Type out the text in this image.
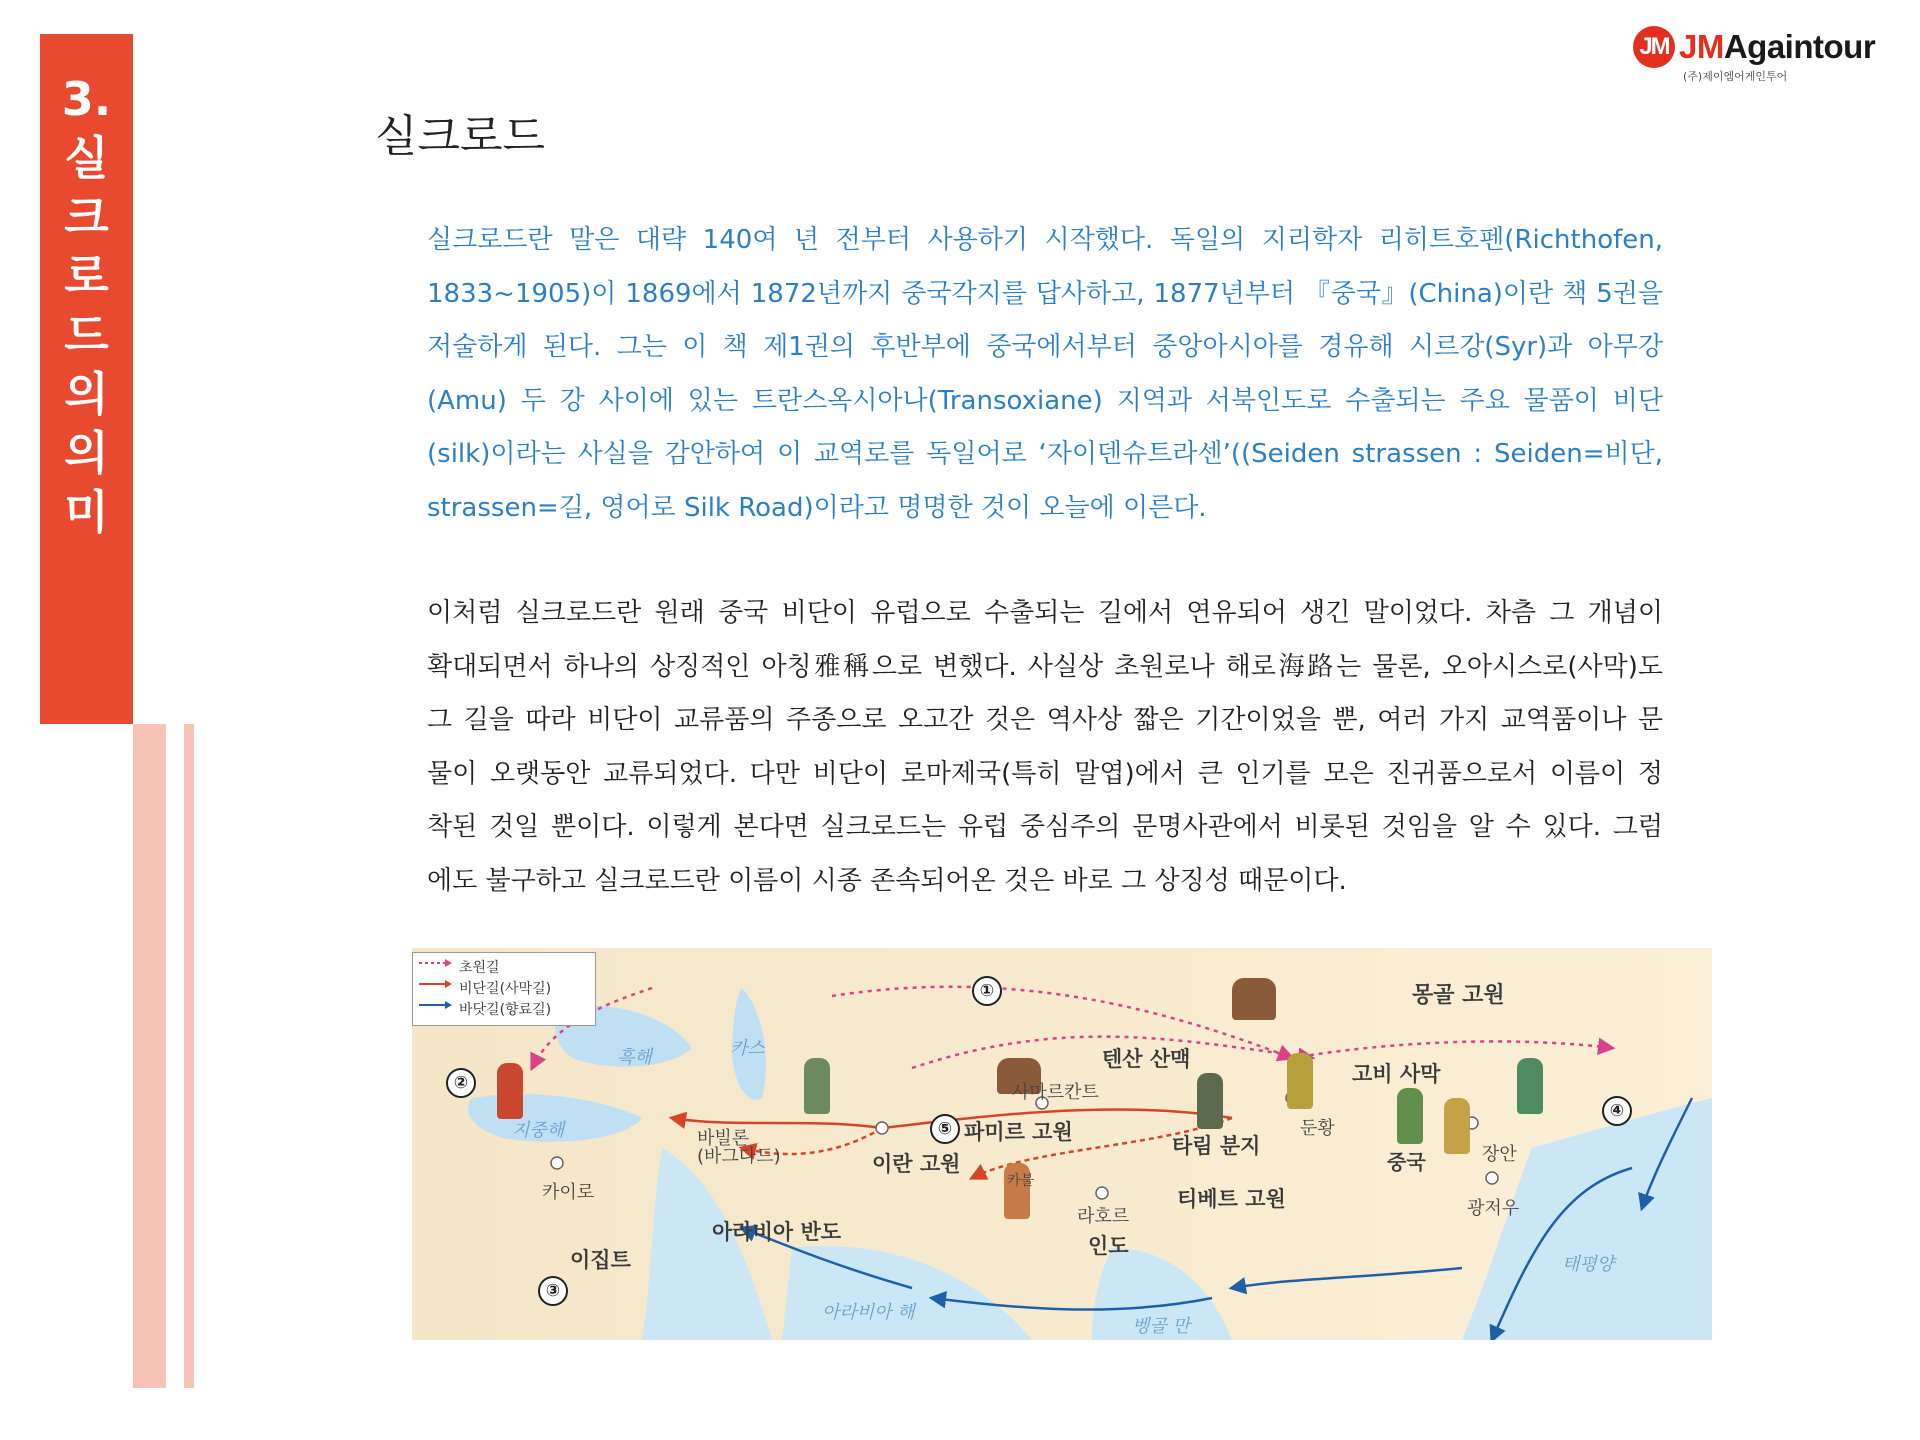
3.
실
크
로
드
의
의
미
JM JMAgaintour
(주)제이엠어게인투어
실크로드
실크로드란 말은 대략 140여 년 전부터 사용하기 시작했다. 독일의 지리학자 리히트호펜(Richthofen,
1833~1905)이 1869에서 1872년까지 중국각지를 답사하고, 1877년부터 『중국』(China)이란 책 5권을
저술하게 된다. 그는 이 책 제1권의 후반부에 중국에서부터 중앙아시아를 경유해 시르강(Syr)과 아무강
(Amu) 두 강 사이에 있는 트란스옥시아나(Transoxiane) 지역과 서북인도로 수출되는 주요 물품이 비단
(silk)이라는 사실을 감안하여 이 교역로를 독일어로 ‘자이덴슈트라센’((Seiden strassen : Seiden=비단,
strassen=길, 영어로 Silk Road)이라고 명명한 것이 오늘에 이른다.
이처럼 실크로드란 원래 중국 비단이 유럽으로 수출되는 길에서 연유되어 생긴 말이었다. 차츰 그 개념이
확대되면서 하나의 상징적인 아칭雅稱으로 변했다. 사실상 초원로나 해로海路는 물론, 오아시스로(사막)도
그 길을 따라 비단이 교류품의 주종으로 오고간 것은 역사상 짧은 기간이었을 뿐, 여러 가지 교역품이나 문
물이 오랫동안 교류되었다. 다만 비단이 로마제국(특히 말엽)에서 큰 인기를 모은 진귀품으로서 이름이 정
착된 것일 뿐이다. 이렇게 본다면 실크로드는 유럽 중심주의 문명사관에서 비롯된 것임을 알 수 있다. 그럼
에도 불구하고 실크로드란 이름이 시종 존속되어온 것은 바로 그 상징성 때문이다.
①
②
③
④
⑤
몽골 고원
텐산 산맥
고비 사막
사마르칸트
파미르 고원
타림 분지
둔황
중국	장안
바빌론
(바그다드)	이란 고원
티베트 고원
카이로
아라비아 반도
이집트
라호르
인도
광저우
카불
흑해	카스
지중해
아라비아 해
벵골 만
태평양
초원길
비단길(사막길)
바닷길(향료길)
